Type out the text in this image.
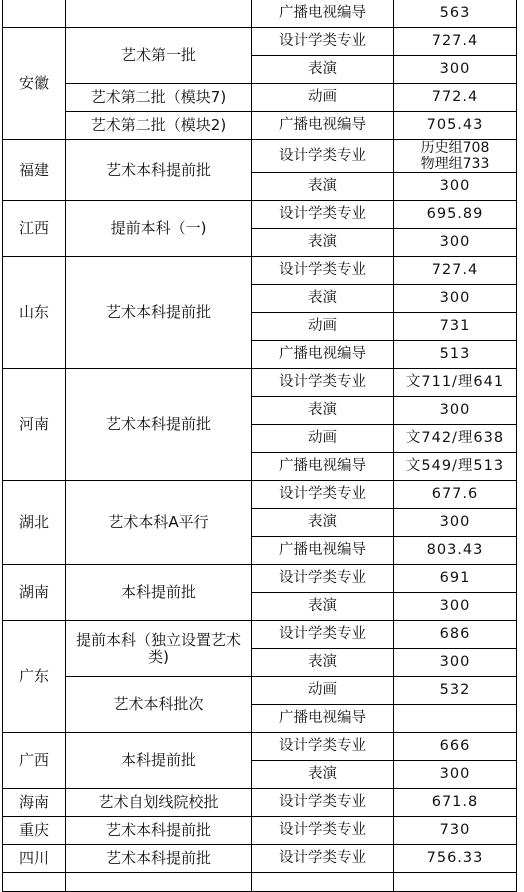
		广播电视编导	563
安徽	艺术第一批	设计学类专业	727.4
		表演	300
	艺术第二批（模块7)	动画	772.4
	艺术第二批（模块2)	广播电视编导	705.43
福建	艺术本科提前批	设计学类专业	历史组708
物理组733

		表演	300
江西	提前本科（一)	设计学类专业	695.89
		表演	300
山东	艺术本科提前批	设计学类专业	727.4
		表演	300
		动画	731
		广播电视编导	513
河南	艺术本科提前批	设计学类专业	文711/理641
		表演	300
		动画	文742/理638
		广播电视编导	文549/理513
湖北	艺术本科A平行	设计学类专业	677.6
		表演	300
		广播电视编导	803.43
湖南	本科提前批	设计学类专业	691
		表演	300
广东	提前本科（独立设置艺术类)	设计学类专业	686
		表演	300
	艺术本科批次	动画	532
		广播电视编导	
广西	本科提前批	设计学类专业	666
		表演	300
海南	艺术自划线院校批	设计学类专业	671.8
重庆	艺术本科提前批	设计学类专业	730
四川	艺术本科提前批	设计学类专业	756.33
